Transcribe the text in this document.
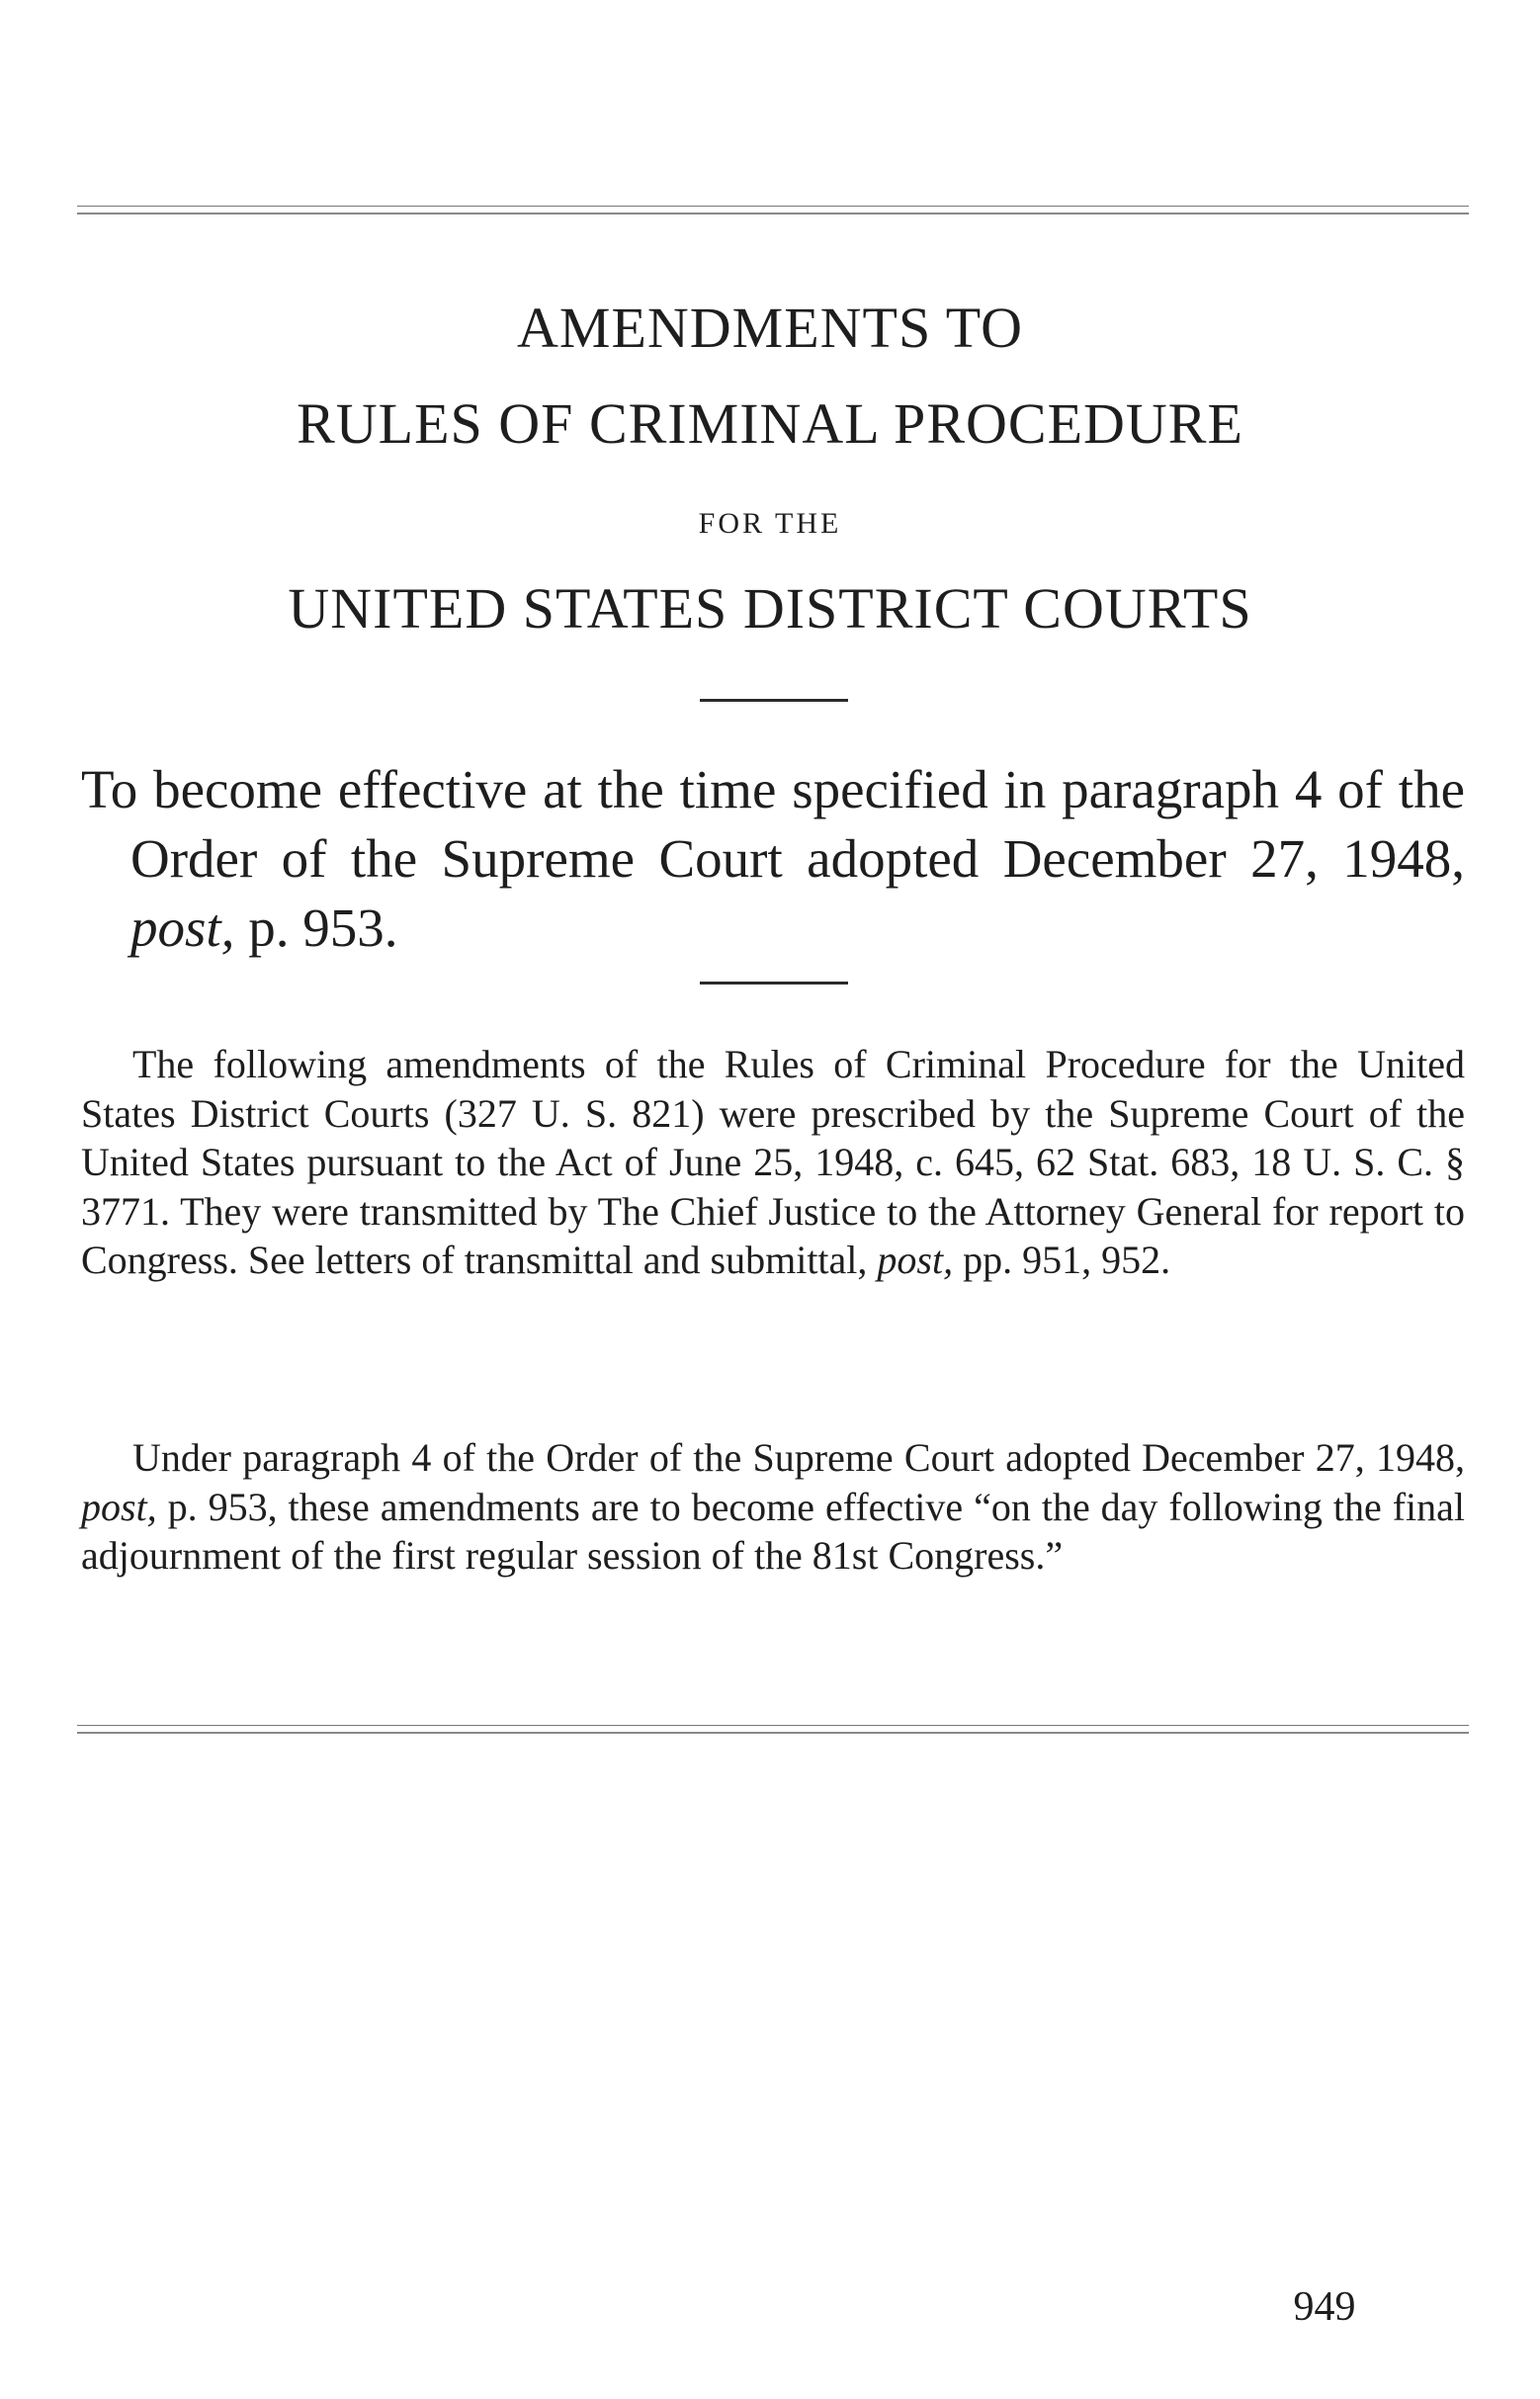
AMENDMENTS TO
RULES OF CRIMINAL PROCEDURE
FOR THE
UNITED STATES DISTRICT COURTS
To become effective at the time specified in paragraph 4 of the Order of the Supreme Court adopted December 27, 1948, post, p. 953.

The following amendments of the Rules of Criminal Procedure for the United States District Courts (327 U. S. 821) were prescribed by the Supreme Court of the United States pursuant to the Act of June 25, 1948, c. 645, 62 Stat. 683, 18 U. S. C. § 3771. They were transmitted by The Chief Justice to the Attorney General for report to Congress. See letters of transmittal and submittal, post, pp. 951, 952.

Under paragraph 4 of the Order of the Supreme Court adopted December 27, 1948, post, p. 953, these amendments are to become effective “on the day following the final adjournment of the first regular session of the 81st Congress.”

949
